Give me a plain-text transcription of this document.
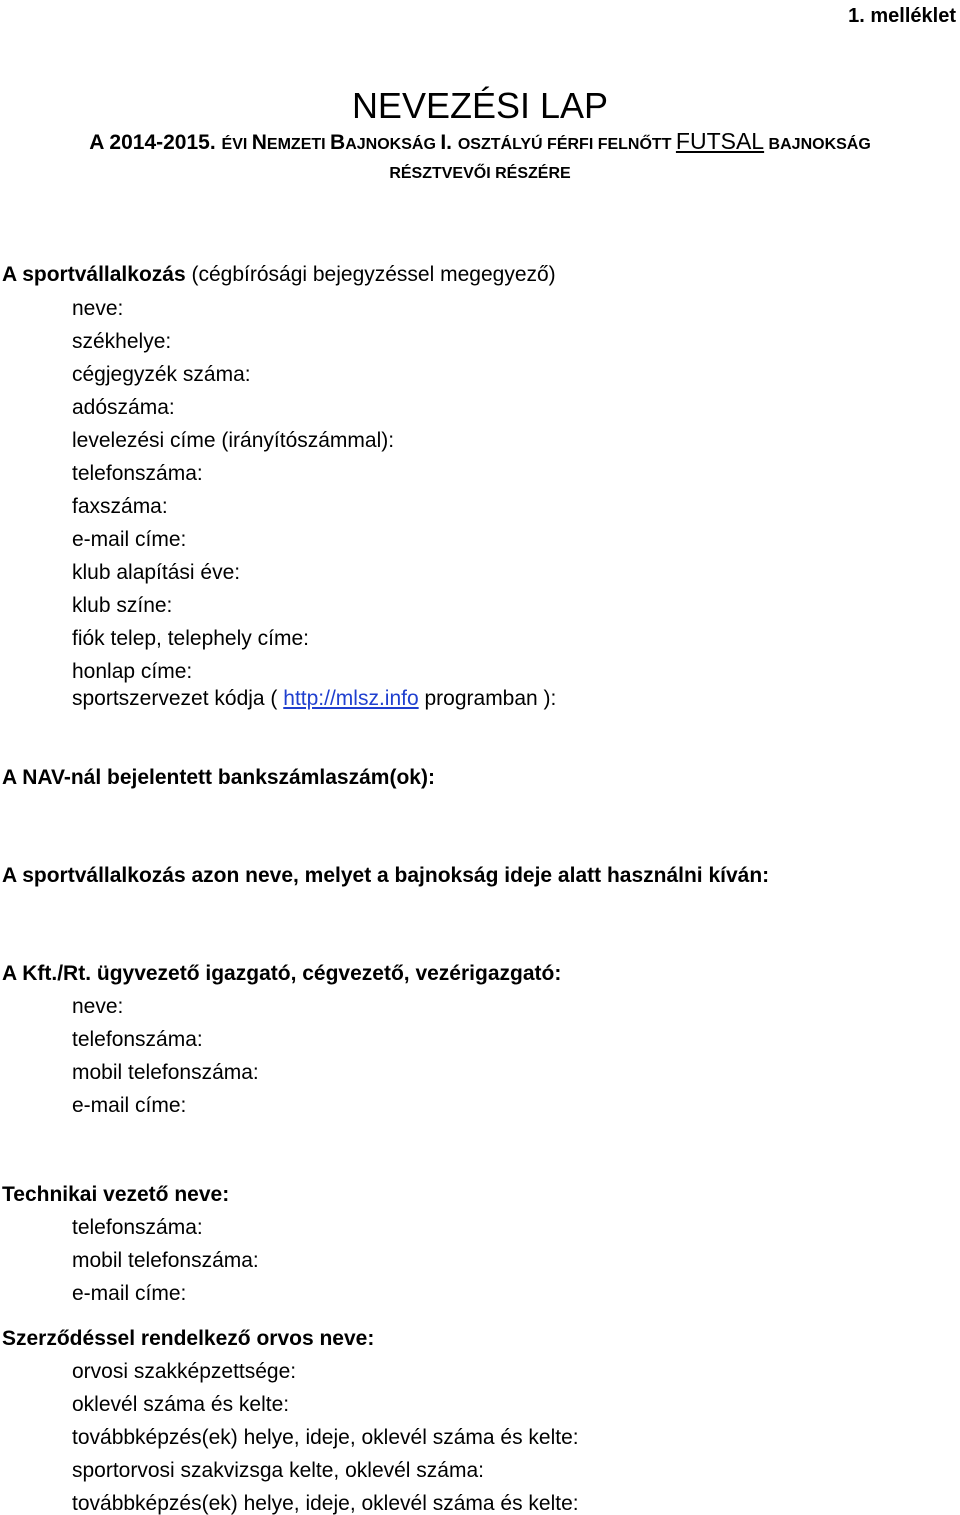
1. melléklet
NEVEZÉSI LAP
A 2014-2015. ÉVI NEMZETI BAJNOKSÁG I. OSZTÁLYÚ FÉRFI FELNŐTT FUTSAL BAJNOKSÁG
RÉSZTVEVŐI RÉSZÉRE
A sportvállalkozás (cégbírósági bejegyzéssel megegyező)
neve:
székhelye:
cégjegyzék száma:
adószáma:
levelezési címe (irányítószámmal):
telefonszáma:
faxszáma:
e-mail címe:
klub alapítási éve:
klub színe:
fiók telep, telephely címe:
honlap címe:
sportszervezet kódja ( http://mlsz.info programban ):
A NAV-nál bejelentett bankszámlaszám(ok):
A sportvállalkozás azon neve, melyet a bajnokság ideje alatt használni kíván:
A Kft./Rt. ügyvezető igazgató, cégvezető, vezérigazgató:
neve:
telefonszáma:
mobil telefonszáma:
e-mail címe:
Technikai vezető neve:
telefonszáma:
mobil telefonszáma:
e-mail címe:
Szerződéssel rendelkező orvos neve:
orvosi szakképzettsége:
oklevél száma és kelte:
továbbképzés(ek) helye, ideje, oklevél száma és kelte:
sportorvosi szakvizsga kelte, oklevél száma:
továbbképzés(ek) helye, ideje, oklevél száma és kelte:
